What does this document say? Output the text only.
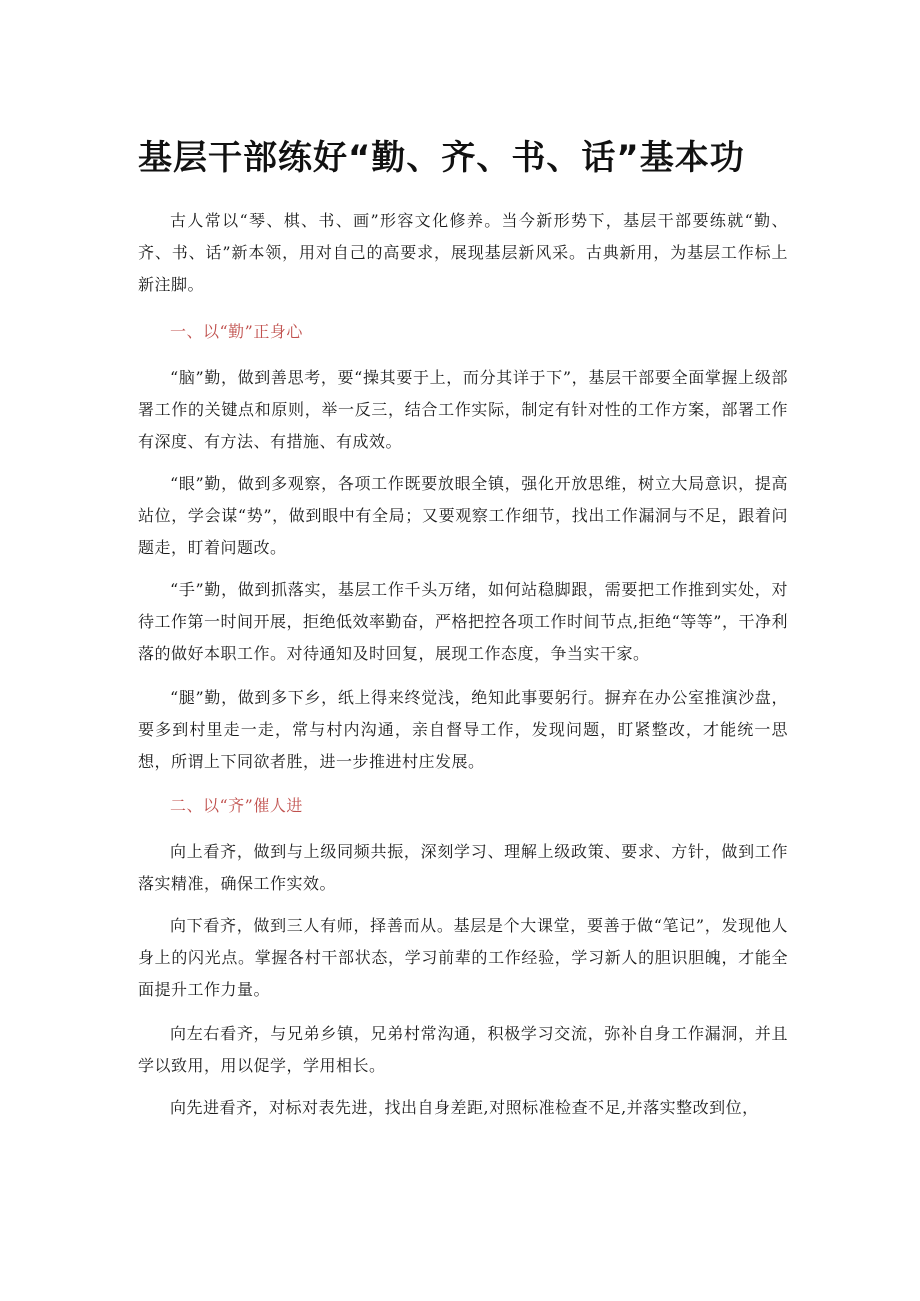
基层干部练好“勤、齐、书、话”基本功

古人常以“琴、棋、书、画”形容文化修养。当今新形势下，基层干部要练就“勤、齐、书、话”新本领，用对自己的高要求，展现基层新风采。古典新用，为基层工作标上新注脚。

一、以“勤”正身心

“脑”勤，做到善思考，要“操其要于上，而分其详于下”，基层干部要全面掌握上级部署工作的关键点和原则，举一反三，结合工作实际，制定有针对性的工作方案，部署工作有深度、有方法、有措施、有成效。

“眼”勤，做到多观察，各项工作既要放眼全镇，强化开放思维，树立大局意识，提高站位，学会谋“势”，做到眼中有全局；又要观察工作细节，找出工作漏洞与不足，跟着问题走，盯着问题改。

“手”勤，做到抓落实，基层工作千头万绪，如何站稳脚跟，需要把工作推到实处，对待工作第一时间开展，拒绝低效率勤奋，严格把控各项工作时间节点,拒绝“等等”，干净利落的做好本职工作。对待通知及时回复，展现工作态度，争当实干家。

“腿”勤，做到多下乡，纸上得来终觉浅，绝知此事要躬行。摒弃在办公室推演沙盘，要多到村里走一走，常与村内沟通，亲自督导工作，发现问题，盯紧整改，才能统一思想，所谓上下同欲者胜，进一步推进村庄发展。

二、以“齐”催人进

向上看齐，做到与上级同频共振，深刻学习、理解上级政策、要求、方针，做到工作落实精准，确保工作实效。

向下看齐，做到三人有师，择善而从。基层是个大课堂，要善于做“笔记”，发现他人身上的闪光点。掌握各村干部状态，学习前辈的工作经验，学习新人的胆识胆魄，才能全面提升工作力量。

向左右看齐，与兄弟乡镇，兄弟村常沟通，积极学习交流，弥补自身工作漏洞，并且学以致用，用以促学，学用相长。

向先进看齐，对标对表先进，找出自身差距,对照标准检查不足,并落实整改到位，
